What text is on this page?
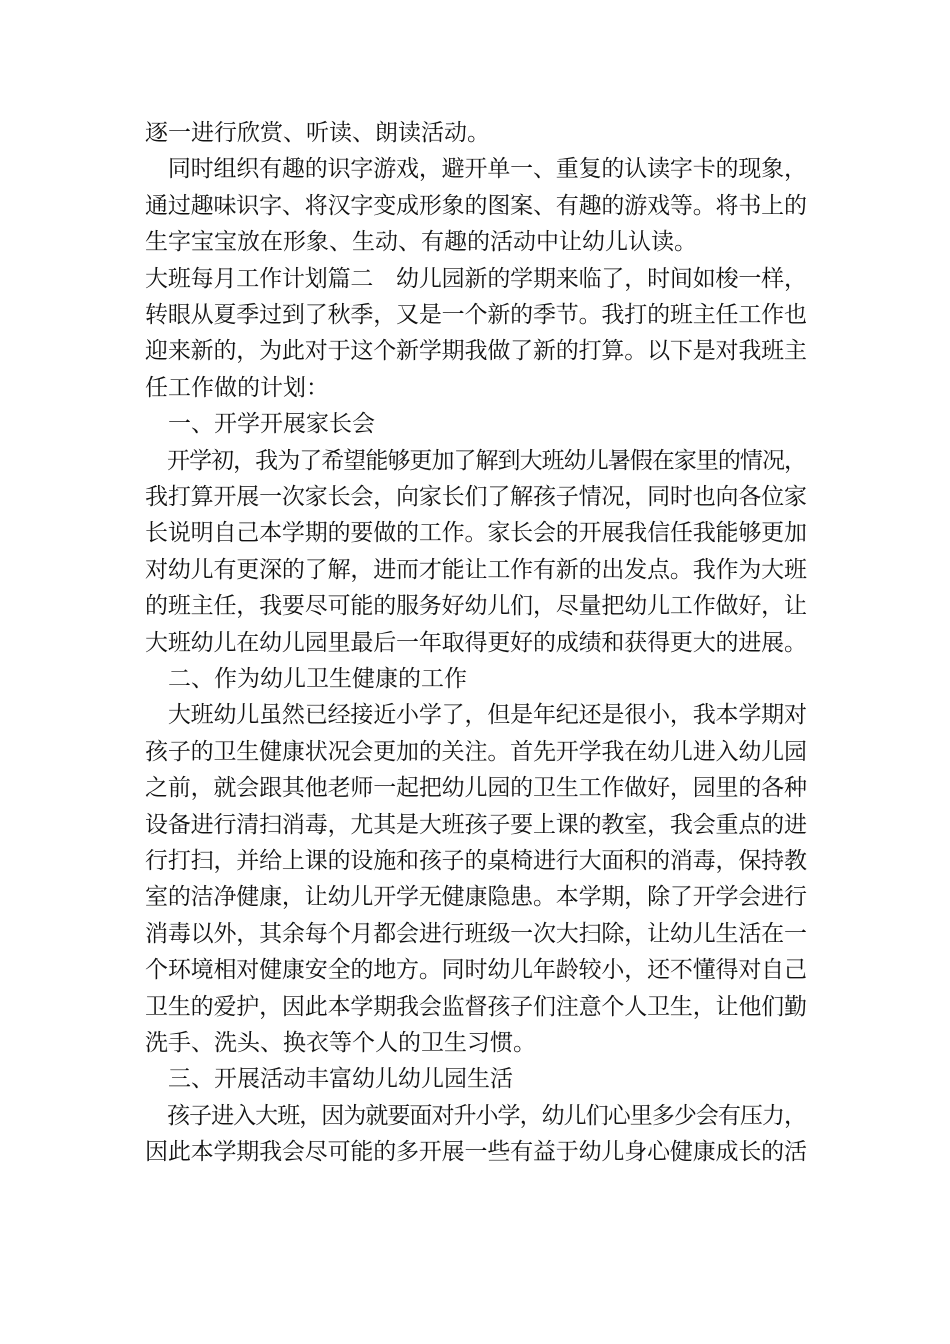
逐一进行欣赏、听读、朗读活动。
　同时组织有趣的识字游戏，避开单一、重复的认读字卡的现象，
通过趣味识字、将汉字变成形象的图案、有趣的游戏等。将书上的
生字宝宝放在形象、生动、有趣的活动中让幼儿认读。
大班每月工作计划篇二　幼儿园新的学期来临了，时间如梭一样，
转眼从夏季过到了秋季，又是一个新的季节。我打的班主任工作也
迎来新的，为此对于这个新学期我做了新的打算。以下是对我班主
任工作做的计划：
　一、开学开展家长会
　开学初，我为了希望能够更加了解到大班幼儿暑假在家里的情况，
我打算开展一次家长会，向家长们了解孩子情况，同时也向各位家
长说明自己本学期的要做的工作。家长会的开展我信任我能够更加
对幼儿有更深的了解，进而才能让工作有新的出发点。我作为大班
的班主任，我要尽可能的服务好幼儿们，尽量把幼儿工作做好，让
大班幼儿在幼儿园里最后一年取得更好的成绩和获得更大的进展。
　二、作为幼儿卫生健康的工作
　大班幼儿虽然已经接近小学了，但是年纪还是很小，我本学期对
孩子的卫生健康状况会更加的关注。首先开学我在幼儿进入幼儿园
之前，就会跟其他老师一起把幼儿园的卫生工作做好，园里的各种
设备进行清扫消毒，尤其是大班孩子要上课的教室，我会重点的进
行打扫，并给上课的设施和孩子的桌椅进行大面积的消毒，保持教
室的洁净健康，让幼儿开学无健康隐患。本学期，除了开学会进行
消毒以外，其余每个月都会进行班级一次大扫除，让幼儿生活在一
个环境相对健康安全的地方。同时幼儿年龄较小，还不懂得对自己
卫生的爱护，因此本学期我会监督孩子们注意个人卫生，让他们勤
洗手、洗头、换衣等个人的卫生习惯。
　三、开展活动丰富幼儿幼儿园生活
　孩子进入大班，因为就要面对升小学，幼儿们心里多少会有压力，
因此本学期我会尽可能的多开展一些有益于幼儿身心健康成长的活
